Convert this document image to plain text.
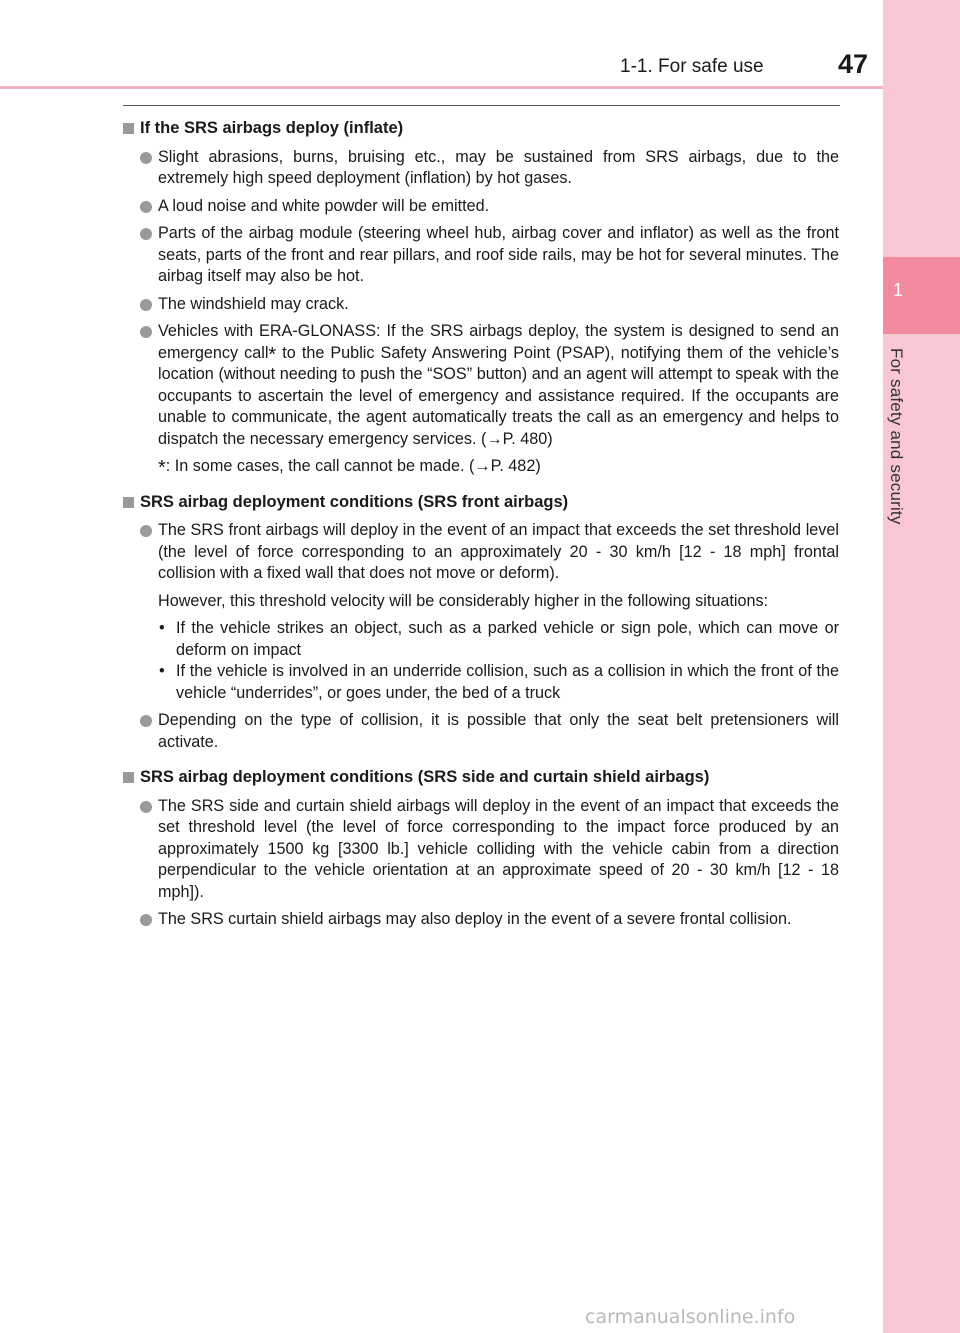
1-1. For safe use	47
1
For safety and security
If the SRS airbags deploy (inflate)
Slight abrasions, burns, bruising etc., may be sustained from SRS airbags, due to the extremely high speed deployment (inflation) by hot gases.
A loud noise and white powder will be emitted.
Parts of the airbag module (steering wheel hub, airbag cover and inflator) as well as the front seats, parts of the front and rear pillars, and roof side rails, may be hot for several minutes. The airbag itself may also be hot.
The windshield may crack.
Vehicles with ERA-GLONASS: If the SRS airbags deploy, the system is designed to send an emergency call* to the Public Safety Answering Point (PSAP), notifying them of the vehicle’s location (without needing to push the “SOS” button) and an agent will attempt to speak with the occupants to ascertain the level of emergency and assistance required. If the occupants are unable to communicate, the agent automatically treats the call as an emergency and helps to dispatch the necessary emergency services. (→P. 480)
*: In some cases, the call cannot be made. (→P. 482)
SRS airbag deployment conditions (SRS front airbags)
The SRS front airbags will deploy in the event of an impact that exceeds the set threshold level (the level of force corresponding to an approximately 20 - 30 km/h [12 - 18 mph] frontal collision with a fixed wall that does not move or deform).
However, this threshold velocity will be considerably higher in the following situations:
• If the vehicle strikes an object, such as a parked vehicle or sign pole, which can move or deform on impact
• If the vehicle is involved in an underride collision, such as a collision in which the front of the vehicle “underrides”, or goes under, the bed of a truck
Depending on the type of collision, it is possible that only the seat belt pretensioners will activate.
SRS airbag deployment conditions (SRS side and curtain shield airbags)
The SRS side and curtain shield airbags will deploy in the event of an impact that exceeds the set threshold level (the level of force corresponding to the impact force produced by an approximately 1500 kg [3300 lb.] vehicle colliding with the vehicle cabin from a direction perpendicular to the vehicle orientation at an approximate speed of 20 - 30 km/h [12 - 18 mph]).
The SRS curtain shield airbags may also deploy in the event of a severe frontal collision.
carmanualsonline.info
